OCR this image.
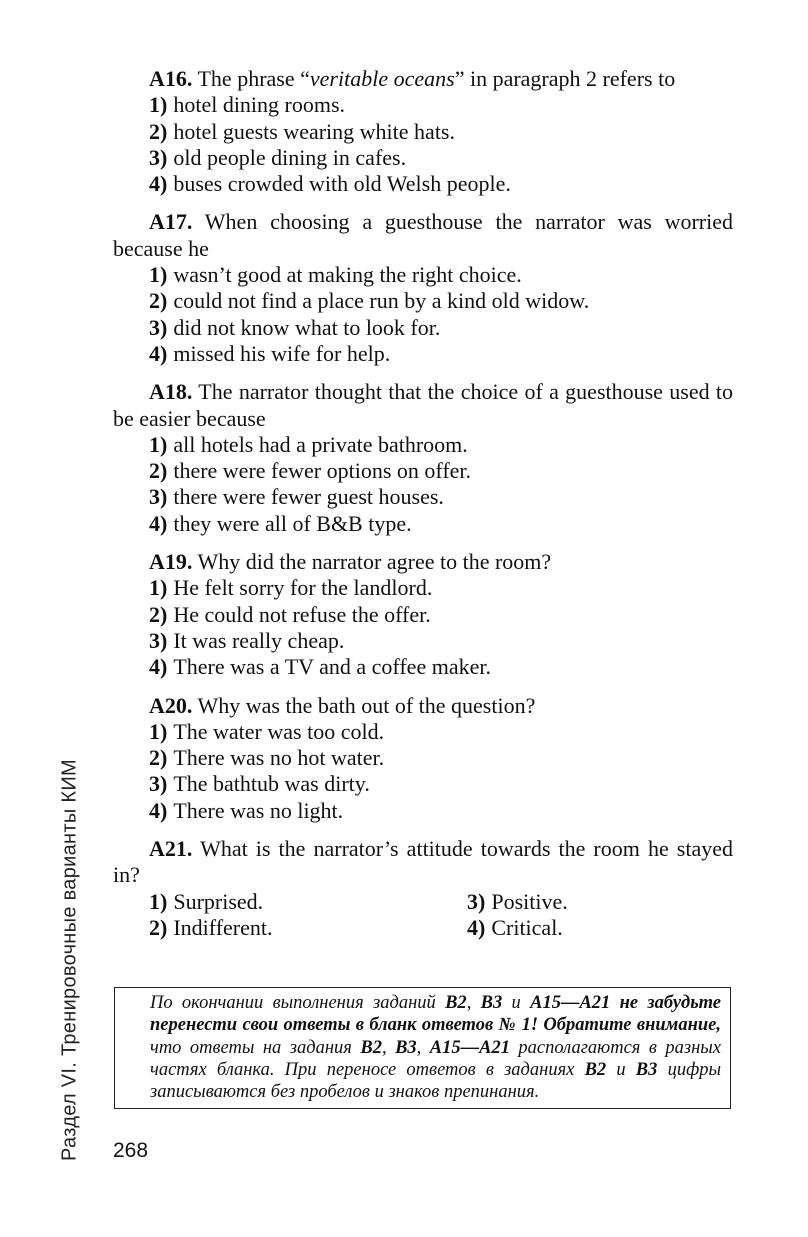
Раздел VI. Тренировочные варианты КИМ
A16. The phrase “veritable oceans” in paragraph 2 refers to
1) hotel dining rooms.
2) hotel guests wearing white hats.
3) old people dining in cafes.
4) buses crowded with old Welsh people.
A17. When choosing a guesthouse the narrator was worried because he
1) wasn’t good at making the right choice.
2) could not find a place run by a kind old widow.
3) did not know what to look for.
4) missed his wife for help.
A18. The narrator thought that the choice of a guesthouse used to be easier because
1) all hotels had a private bathroom.
2) there were fewer options on offer.
3) there were fewer guest houses.
4) they were all of B&B type.
A19. Why did the narrator agree to the room?
1) He felt sorry for the landlord.
2) He could not refuse the offer.
3) It was really cheap.
4) There was a TV and a coffee maker.
A20. Why was the bath out of the question?
1) The water was too cold.
2) There was no hot water.
3) The bathtub was dirty.
4) There was no light.
A21. What is the narrator’s attitude towards the room he stayed in?
1) Surprised.	3) Positive.
2) Indifferent.	4) Critical.
По окончании выполнения заданий В2, В3 и А15—А21 не забудьте перенести свои ответы в бланк ответов № 1! Обратите внимание, что ответы на задания В2, В3, А15—А21 располагаются в разных частях бланка. При переносе ответов в заданиях В2 и В3 цифры записываются без пробелов и знаков препинания.
268
